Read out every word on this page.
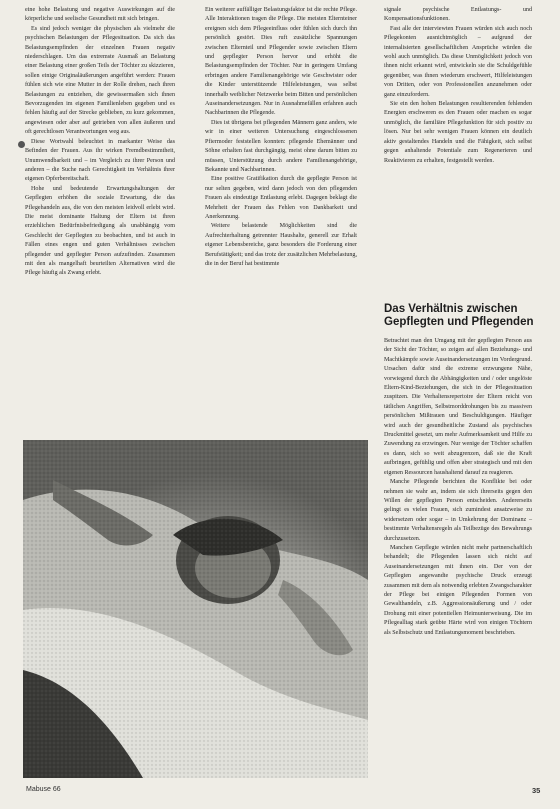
eine hohe Belastung und negative Auswirkungen auf die körperliche und seelische Gesundheit mit sich bringen.

Es sind jedoch weniger die physischen als vielmehr die psychischen Belastungen der Pflegesituation. Da sich das Belastungsempfinden der einzelnen Frauen negativ niederschlagen. Um das extremste Ausmaß an Belastung einer Belastung einer großen Teils der Töchter zu skizzieren, sollen einige Originaläußerungen angeführt werden: Frauen fühlen sich wie eine Mutter in der Rolle drehen, nach ihren Belastungen zu entziehen, die gewissermaßen sich ihnen Bevorzugenden im eigenen Familienleben gegeben und es fehlen häufig auf der Strecke geblieben, zu kurz gekommen, angewiesen oder aber auf getrieben von allen äußeren und oft gerechtlosen Verantwortungen weg aus.

Diese Wortwahl beleuchtet in markanter Weise das Befinden der Frauen. Aus ihr wirken Fremdbestimmtheit, Unumwendbarkeit und – im Vergleich zu ihrer Person und anderen – die Suche nach Gerechtigkeit im Verhältnis ihrer eigenen Opferbereitschaft.

Hohe und bedeutende Erwartungshaltungen der Gepflegten erhöhen die soziale Erwartung, die das Pflegehandeln aus, die von den meisten leidvoll erlebt wird. Die meist dominante Haltung der Eltern ist ihren erziehlichen Bedürfnisbefriedigung als unabhängig vom Geschlecht der Gepflegten zu beobachten, und ist auch in Fällen eines engen und guten Verhältnisses zwischen pflegender und gepflegter Person aufzufinden. Zusammen mit den als mangelhaft beurteilten Alternativen wird die Pflege häufig als Zwang erlebt.

Ein weiterer auffälliger Belastungsfaktor ist die rechte Pflege. Alle Interaktionen tragen die Pflege. Die meisten Elternteiner ereignen sich dem Pflegeeinfluss oder fühlen sich durch ihn persönlich gestört. Dies ruft zusätzliche Spannungen zwischen Elternteil und Pflegender sowie zwischen Eltern und gepflegter Person hervor und erhöht die Belastungsempfinden der Töchter. Nur in geringem Umfang erbringen andere Familienangehörige wie Geschwister oder die Kinder unterstützende Hilfeleistungen, was selbst innerhalb weiblicher Netzwerke beim Bitten und persönlichen Auseinandersetzungen. Nur in Ausnahmefällen erfahren auch Nachbarinnen die Pflegende.

Dies ist übrigens bei pflegenden Männern ganz anders, wie wir in einer weiteren Untersuchung eingeschlossenen Pfiermoder feststellen konnten: pflegende Ehemänner und Söhne erhalten fast durchgängig, meist ohne darum bitten zu müssen, Unterstützung durch andere Familienangehörige, Bekannte und Nachbarinnen.

Eine positive Gratifikation durch die gepflegte Person ist nur selten gegeben, wird dann jedoch von den pflegenden Frauen als eindeutige Entlastung erlebt. Dagegen beklagt die Mehrheit der Frauen das Fehlen von Dankbarkeit und Anerkennung.

Weitere belastende Möglichkeiten sind die Aufrechterhaltung getrennter Haushalte, generell zur Erhalt eigener Lebensbereiche, ganz besonders die Forderung einer Berufstätigkeit; und das trotz der zusätzlichen Mehrbelastung, die in der Beruf hat bestimmte

signale psychische Entlastungs- und Kompensationsfunktionen.

Fast alle der interviewten Frauen würden sich auch noch Pflegekonten ausnichtmöglich – aufgrund der internalisierten gesellschaftlichen Ansprüche würden die wohl auch unmöglich. Da diese Unmöglichkeit jedoch von ihnen nicht erkannt wird, entwickeln sie die Schuldgefühle gegenüber, was ihnen wiederum erschwert, Hilfeleistungen von Dritten, oder von Professionellen anzunehmen oder ganz einzufordern.

Sie ein den hohen Belastungen resultierenden fehlenden Energien erschweren es den Frauen oder machen es sogar unmöglich, die familiäre Pflegefunktion für sich positiv zu lösen. Nur bei sehr wenigen Frauen können ein deutlich aktiv gestaltendes Handeln und die Fähigkeit, sich selbst gegen anhaltende Potentiale zum Regenerieren und Reaktivieren zu erhalten, festgestellt werden.

Das Verhältnis zwischen Gepflegten und Pflegenden

Betrachtet man den Umgang mit der gepflegten Person aus der Sicht der Töchter, so zeigen auf allen Beziehungs- und Machtkämpfe sowie Auseinandersetzungen im Vordergrund. Ursachen dafür sind die extreme erzwungene Nähe, vorwiegend durch die Abhängigkeiten und / oder ungelöste Eltern-Kind-Beziehungen, die sich in der Pflegesituation zuspitzen. Die Verhaltensrepertoire der Eltern reicht von tätlichen Angriffen, Selbstmorddrohungen bis zu massiven persönlichen Mißtrauen und Beschuldigungen. Häufiger wird auch der gesundheitliche Zustand als psychisches Druckmittel gesetzt, um mehr Aufmerksamkeit und Hilfe zu Zuwendung zu erzwingen. Nur wenige der Töchter schaffen es dann, sich so weit abzugrenzen, daß sie die Kraft aufbringen, gefühlig und offen aber strategisch und mit den eigenen Ressourcen haushaltend darauf zu reagieren.

Manche Pflegende berichten die Konflikte bei oder nehmen sie wahr an, indem sie sich ihrerseits gegen den Willen der gepflegten Person entscheiden. Andererseits gelingt es vielen Frauen, sich zumindest ansatzweise zu widersetzen oder sogar – in Umkehrung der Dominanz – bestimmte Verhaltensregeln als Teilbezüge des Bewahrungs durchzusetzen.

Manchen Gepflegte würden nicht mehr partnerschaftlich behandelt; die Pflegenden lassen sich nicht auf Auseinandersetzungen mit ihnen ein. Der von der Gepflegten angewandte psychische Druck erzeugt zusammen mit dem als notwendig erlebten Zwangscharakter der Pflege bei einigen Pflegenden Formen von Gewalthandeln, z.B. Aggressionsäußerung und / oder Drohung mit einer potentiellen Heimunterweisung. Die im Pflegealltag stark geübte Härte wird von einigen Töchtern als Selbstschutz und Entlastungsmoment beschrieben.

Mabuse 66	35
